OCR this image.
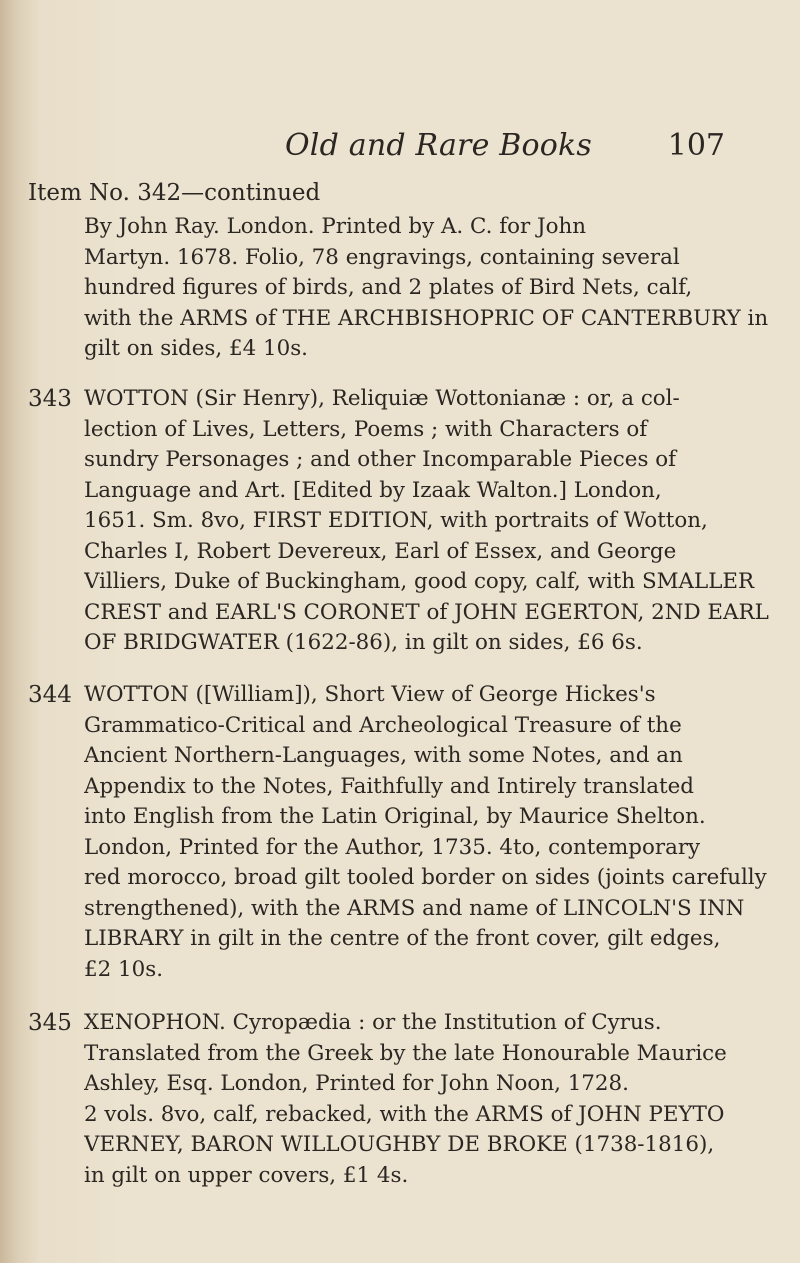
Old and Rare Books	107
Item No. 342—continued
By John Ray. London. Printed by A. C. for John
Martyn. 1678. Folio, 78 engravings, containing several
hundred figures of birds, and 2 plates of Bird Nets, calf,
with the ARMS of THE ARCHBISHOPRIC OF CANTERBURY in
gilt on sides, £4 10s.
343 WOTTON (Sir Henry), Reliquiæ Wottonianæ : or, a col-
lection of Lives, Letters, Poems ; with Characters of
sundry Personages ; and other Incomparable Pieces of
Language and Art. [Edited by Izaak Walton.] London,
1651. Sm. 8vo, FIRST EDITION, with portraits of Wotton,
Charles I, Robert Devereux, Earl of Essex, and George
Villiers, Duke of Buckingham, good copy, calf, with SMALLER
CREST and EARL'S CORONET of JOHN EGERTON, 2ND EARL
OF BRIDGWATER (1622-86), in gilt on sides, £6 6s.
344 WOTTON ([William]), Short View of George Hickes's
Grammatico-Critical and Archeological Treasure of the
Ancient Northern-Languages, with some Notes, and an
Appendix to the Notes, Faithfully and Intirely translated
into English from the Latin Original, by Maurice Shelton.
London, Printed for the Author, 1735. 4to, contemporary
red morocco, broad gilt tooled border on sides (joints carefully
strengthened), with the ARMS and name of LINCOLN'S INN
LIBRARY in gilt in the centre of the front cover, gilt edges,
£2 10s.
345 XENOPHON. Cyropædia : or the Institution of Cyrus.
Translated from the Greek by the late Honourable Maurice
Ashley, Esq. London, Printed for John Noon, 1728.
2 vols. 8vo, calf, rebacked, with the ARMS of JOHN PEYTO
VERNEY, BARON WILLOUGHBY DE BROKE (1738-1816),
in gilt on upper covers, £1 4s.
